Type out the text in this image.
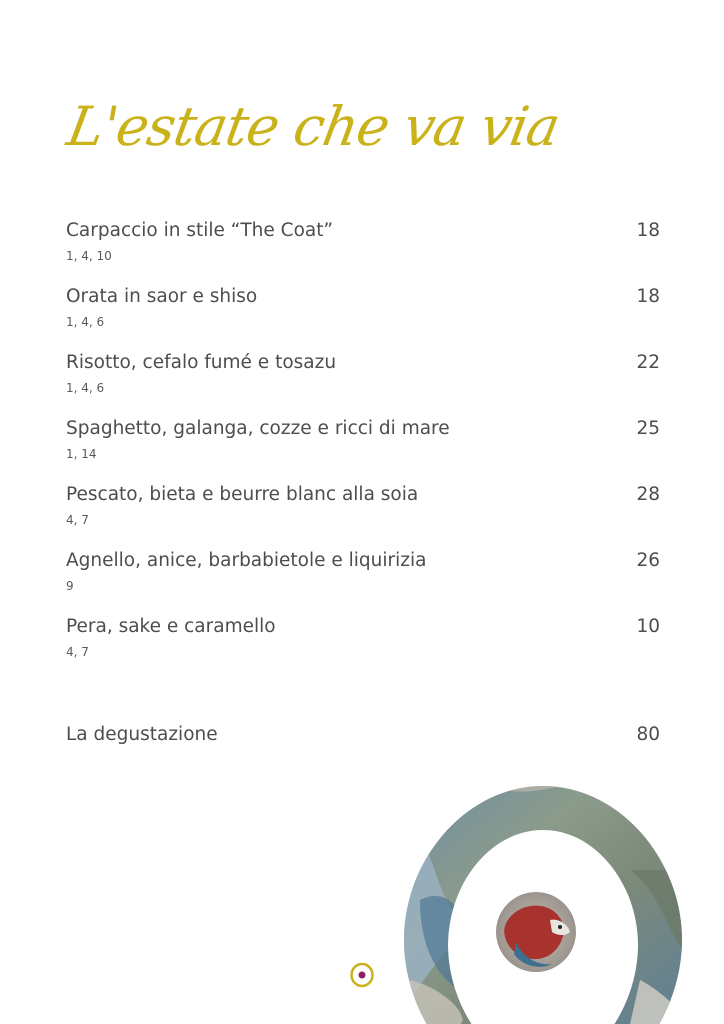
L'estate che va via
Carpaccio in stile “The Coat”	18
1, 4, 10
Orata in saor e shiso	18
1, 4, 6
Risotto, cefalo fumé e tosazu	22
1, 4, 6
Spaghetto, galanga, cozze e ricci di mare	25
1, 14
Pescato, bieta e beurre blanc alla soia	28
4, 7
Agnello, anice, barbabietole e liquirizia	26
9
Pera, sake e caramello	10
4, 7
La degustazione	80
